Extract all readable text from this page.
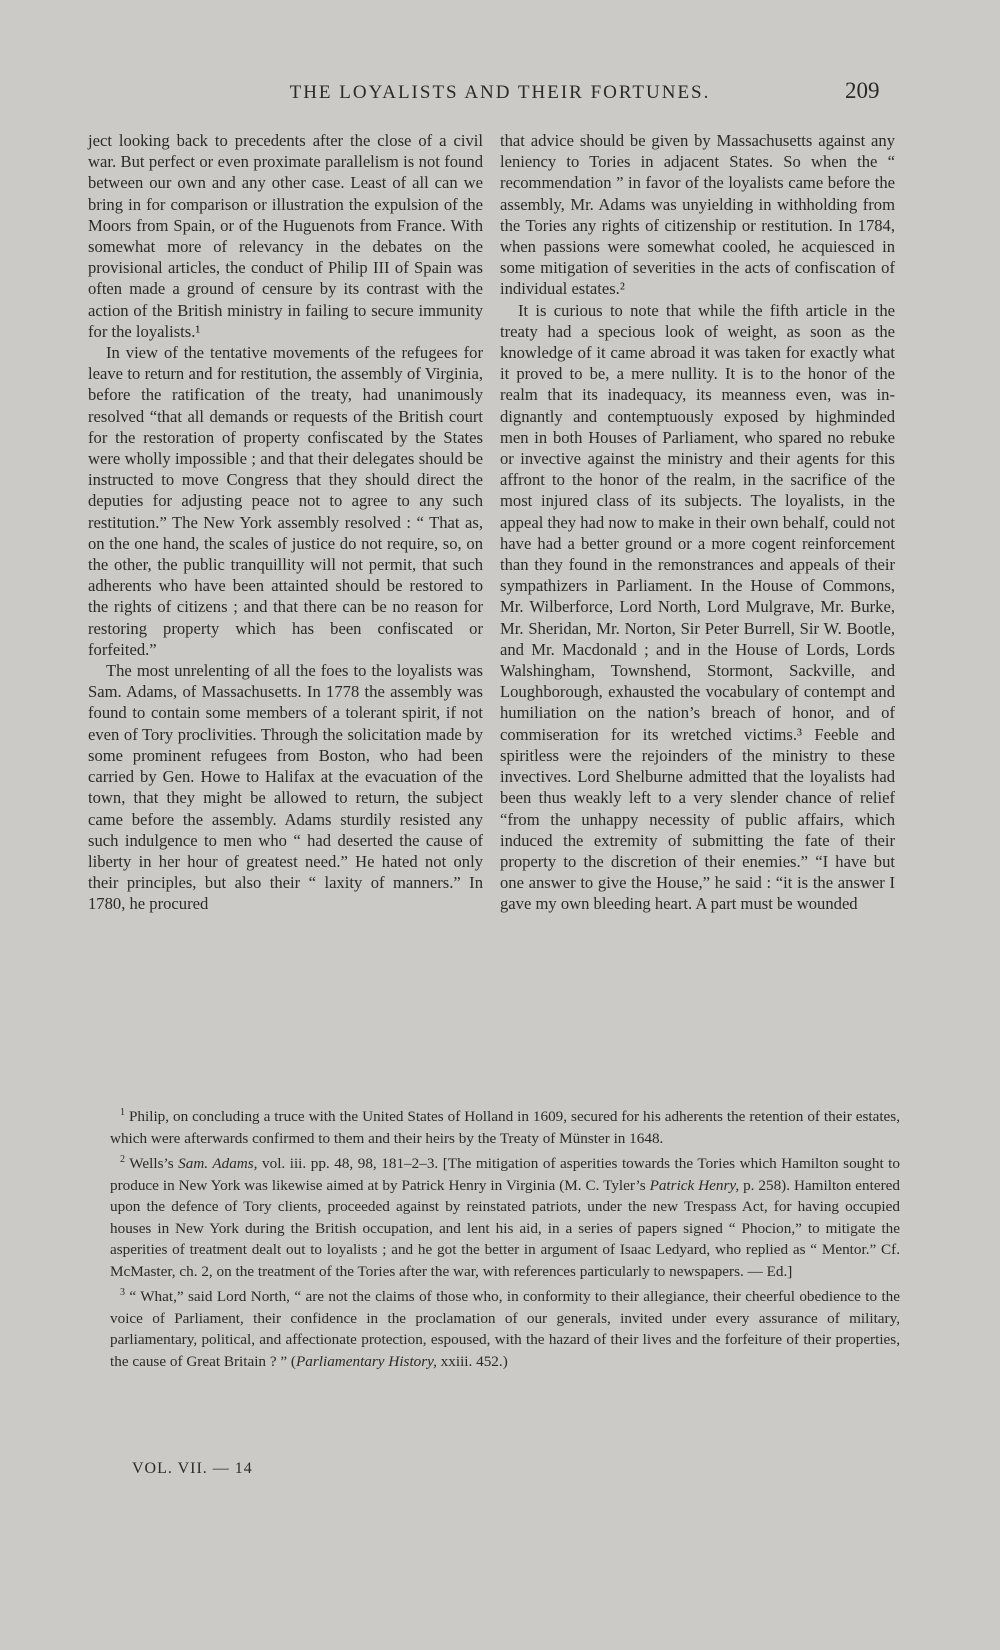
THE LOYALISTS AND THEIR FORTUNES.	209

ject looking back to precedents after the close of a civil war. But perfect or even proximate parallelism is not found between our own and any other case. Least of all can we bring in for comparison or illustration the expulsion of the Moors from Spain, or of the Huguenots from France. With somewhat more of relevancy in the debates on the provisional articles, the conduct of Philip III of Spain was often made a ground of censure by its contrast with the action of the British ministry in failing to secure immunity for the loyalists.¹

In view of the tentative movements of the refugees for leave to return and for restitution, the assembly of Virginia, before the ratification of the treaty, had unanimously resolved “that all demands or requests of the British court for the restoration of property confiscated by the States were wholly impossible ; and that their delegates should be instructed to move Congress that they should direct the deputies for adjusting peace not to agree to any such restitution.” The New York assembly resolved : “ That as, on the one hand, the scales of justice do not require, so, on the other, the public tranquillity will not permit, that such adherents who have been attainted should be restored to the rights of citizens ; and that there can be no reason for restoring property which has been confiscated or forfeited.”

The most unrelenting of all the foes to the loyalists was Sam. Adams, of Massachusetts. In 1778 the assembly was found to contain some members of a tolerant spirit, if not even of Tory proclivities. Through the solicitation made by some prominent refugees from Boston, who had been carried by Gen. Howe to Halifax at the evacuation of the town, that they might be allowed to return, the subject came before the assembly. Adams sturdily resisted any such indulgence to men who “ had deserted the cause of liberty in her hour of greatest need.” He hated not only their principles, but also their “ laxity of manners.” In 1780, he procured

that advice should be given by Massachusetts against any leniency to Tories in adjacent States. So when the “ recommendation ” in favor of the loyalists came before the assembly, Mr. Adams was unyielding in withholding from the Tories any rights of citizenship or restitution. In 1784, when passions were somewhat cooled, he acquiesced in some mitigation of severities in the acts of confiscation of individual estates.²

It is curious to note that while the fifth article in the treaty had a specious look of weight, as soon as the knowledge of it came abroad it was taken for exactly what it proved to be, a mere nullity. It is to the honor of the realm that its inadequacy, its meanness even, was indignantly and contemptuously exposed by highminded men in both Houses of Parliament, who spared no rebuke or invective against the ministry and their agents for this affront to the honor of the realm, in the sacrifice of the most injured class of its subjects. The loyalists, in the appeal they had now to make in their own behalf, could not have had a better ground or a more cogent reinforcement than they found in the remonstrances and appeals of their sympathizers in Parliament. In the House of Commons, Mr. Wilberforce, Lord North, Lord Mulgrave, Mr. Burke, Mr. Sheridan, Mr. Norton, Sir Peter Burrell, Sir W. Bootle, and Mr. Macdonald ; and in the House of Lords, Lords Walshingham, Townshend, Stormont, Sackville, and Loughborough, exhausted the vocabulary of contempt and humiliation on the nation’s breach of honor, and of commiseration for its wretched victims.³ Feeble and spiritless were the rejoinders of the ministry to these invectives. Lord Shelburne admitted that the loyalists had been thus weakly left to a very slender chance of relief “from the unhappy necessity of public affairs, which induced the extremity of submitting the fate of their property to the discretion of their enemies.” “I have but one answer to give the House,” he said : “it is the answer I gave my own bleeding heart. A part must be wounded

$^1$ Philip, on concluding a truce with the United States of Holland in 1609, secured for his adherents the retention of their estates, which were afterwards confirmed to them and their heirs by the Treaty of Münster in 1648.

$^2$ Wells’s Sam. Adams, vol. iii. pp. 48, 98, 181–2–3. [The mitigation of asperities towards the Tories which Hamilton sought to produce in New York was likewise aimed at by Patrick Henry in Virginia (M. C. Tyler’s Patrick Henry, p. 258). Hamilton entered upon the defence of Tory clients, proceeded against by reinstated patriots, under the new Trespass Act, for having occupied houses in New York during the British occupation, and lent his aid, in a series of papers signed “ Phocion,” to mitigate the asperities of treatment dealt out to loyalists ; and he got the better in argument of Isaac Ledyard, who replied as “ Mentor.” Cf. McMaster, ch. 2, on the treatment of the Tories after the war, with references particularly to newspapers. — Ed.]

$^3$ “ What,” said Lord North, “ are not the claims of those who, in conformity to their allegiance, their cheerful obedience to the voice of Parliament, their confidence in the proclamation of our generals, invited under every assurance of military, parliamentary, political, and affectionate protection, espoused, with the hazard of their lives and the forfeiture of their properties, the cause of Great Britain ? ” (Parliamentary History, xxiii. 452.)

VOL. VII. — 14
